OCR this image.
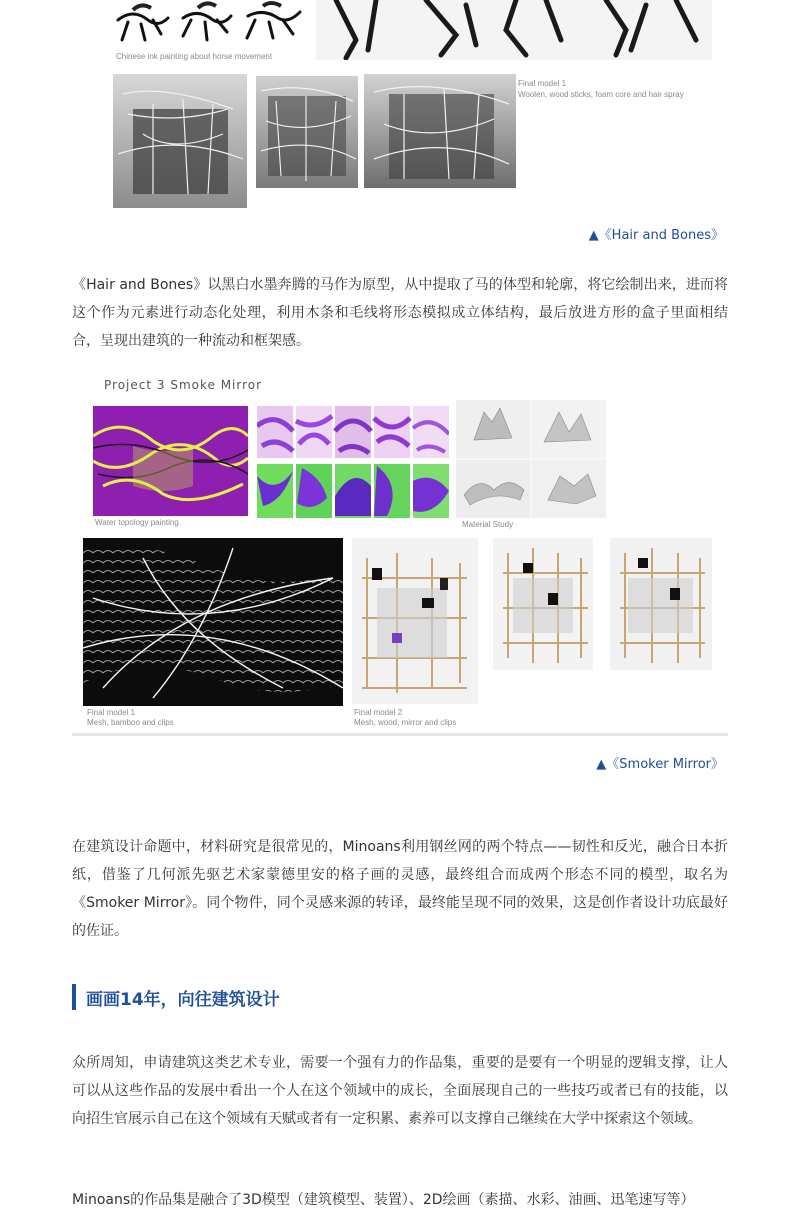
Chinese ink painting about horse movement
Final model 1
Woolen, wood sticks, foam core and hair spray
▲《Hair and Bones》
《Hair and Bones》以黑白水墨奔腾的马作为原型，从中提取了马的体型和轮廓，将它绘制出来，进而将这个作为元素进行动态化处理，利用木条和毛线将形态模拟成立体结构，最后放进方形的盒子里面相结合，呈现出建筑的一种流动和框架感。
Project 3 Smoke Mirror
Water topology painting	Material Study
Final model 1
Mesh, bamboo and clips
Final model 2
Mesh, wood, mirror and clips
▲《Smoker Mirror》
在建筑设计命题中，材料研究是很常见的，Minoans利用钢丝网的两个特点——韧性和反光，融合日本折纸，借鉴了几何派先驱艺术家蒙德里安的格子画的灵感，最终组合而成两个形态不同的模型，取名为《Smoker Mirror》。同个物件，同个灵感来源的转译，最终能呈现不同的效果，这是创作者设计功底最好的佐证。
画画14年，向往建筑设计
众所周知，申请建筑这类艺术专业，需要一个强有力的作品集，重要的是要有一个明显的逻辑支撑，让人可以从这些作品的发展中看出一个人在这个领域中的成长，全面展现自己的一些技巧或者已有的技能，以向招生官展示自己在这个领域有天赋或者有一定积累、素养可以支撑自己继续在大学中探索这个领域。
Minoans的作品集是融合了3D模型（建筑模型、装置）、2D绘画（素描、水彩、油画、迅笔速写等）
